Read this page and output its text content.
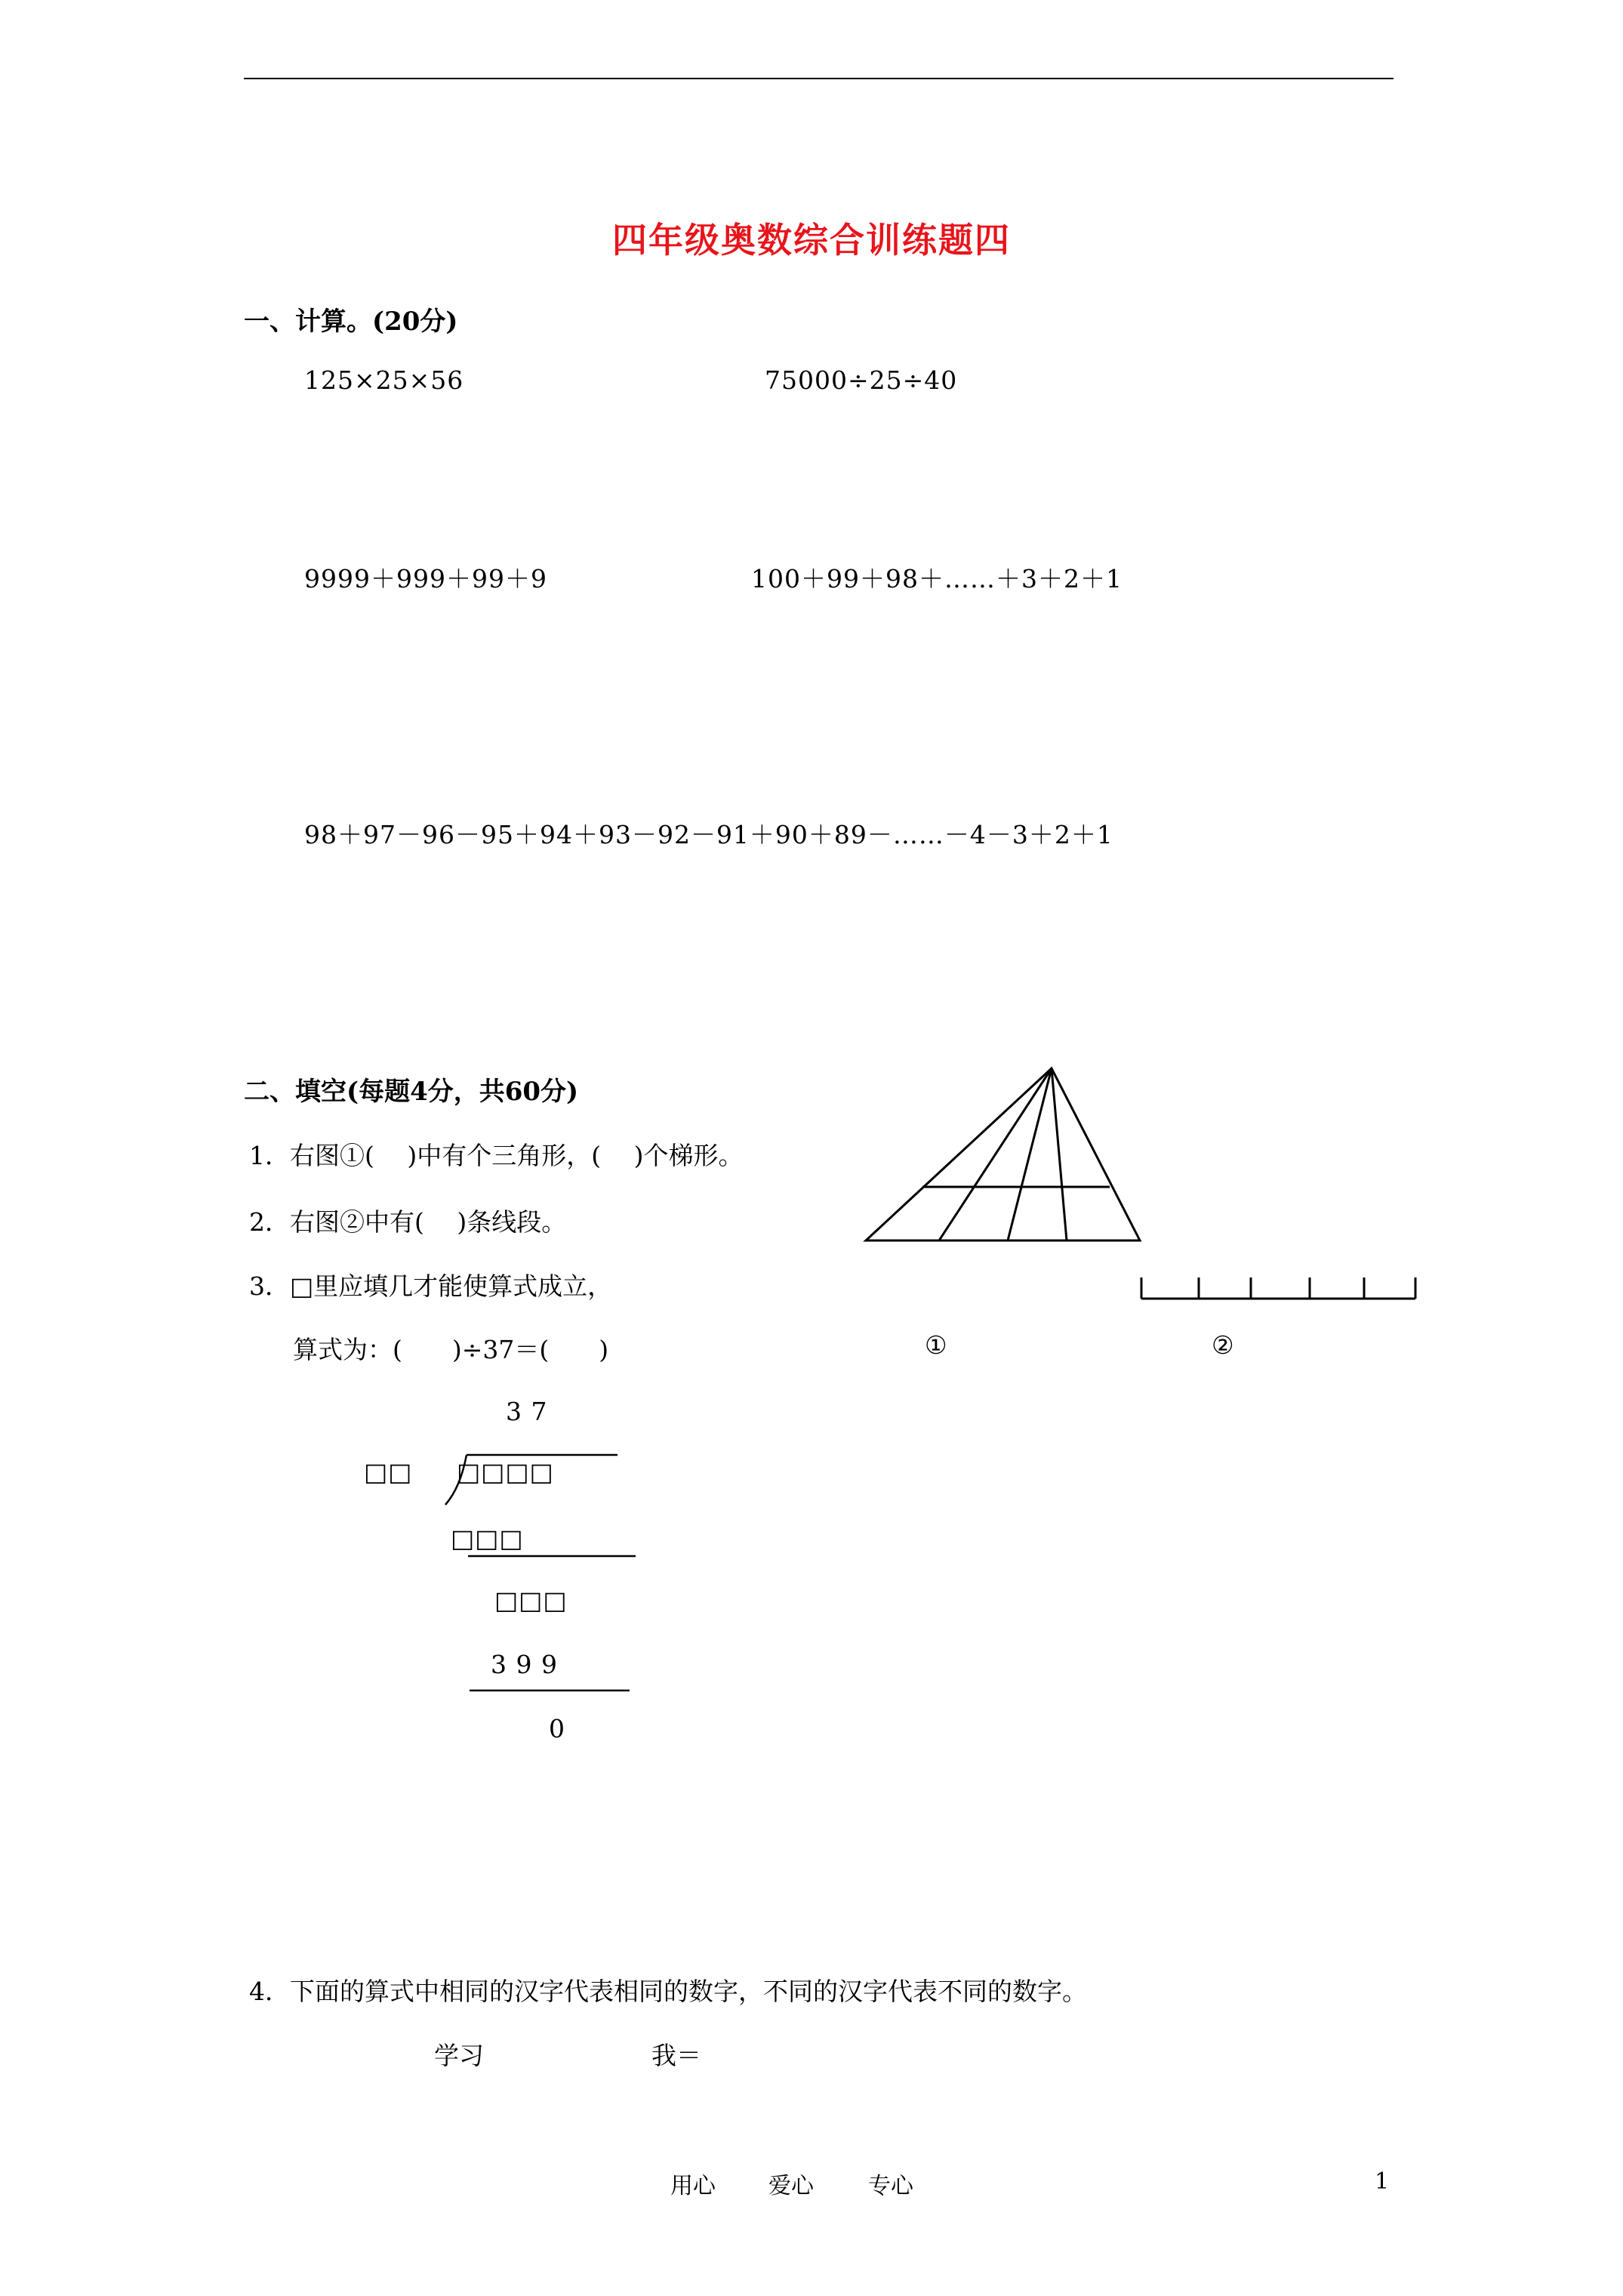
四年级奥数综合训练题四
一、计算。(20分)
125×25×56	75000÷25÷40
9999＋999＋99＋9	100＋99＋98＋……＋3＋2＋1
98＋97－96－95＋94＋93－92－91＋90＋89－……－4－3＋2＋1
二、填空(每题4分，共60分)
1．右图①(　 )中有个三角形，(　 )个梯形。
2．右图②中有(　 )条线段。
3．□里应填几才能使算式成立，
算式为：(　　)÷37＝(　　)	①	②
3 7
□□ □□□□
□□□
□□□
3 9 9
0
4．下面的算式中相同的汉字代表相同的数字，不同的汉字代表不同的数字。
学习	我＝
用心 爱心 专心	1
